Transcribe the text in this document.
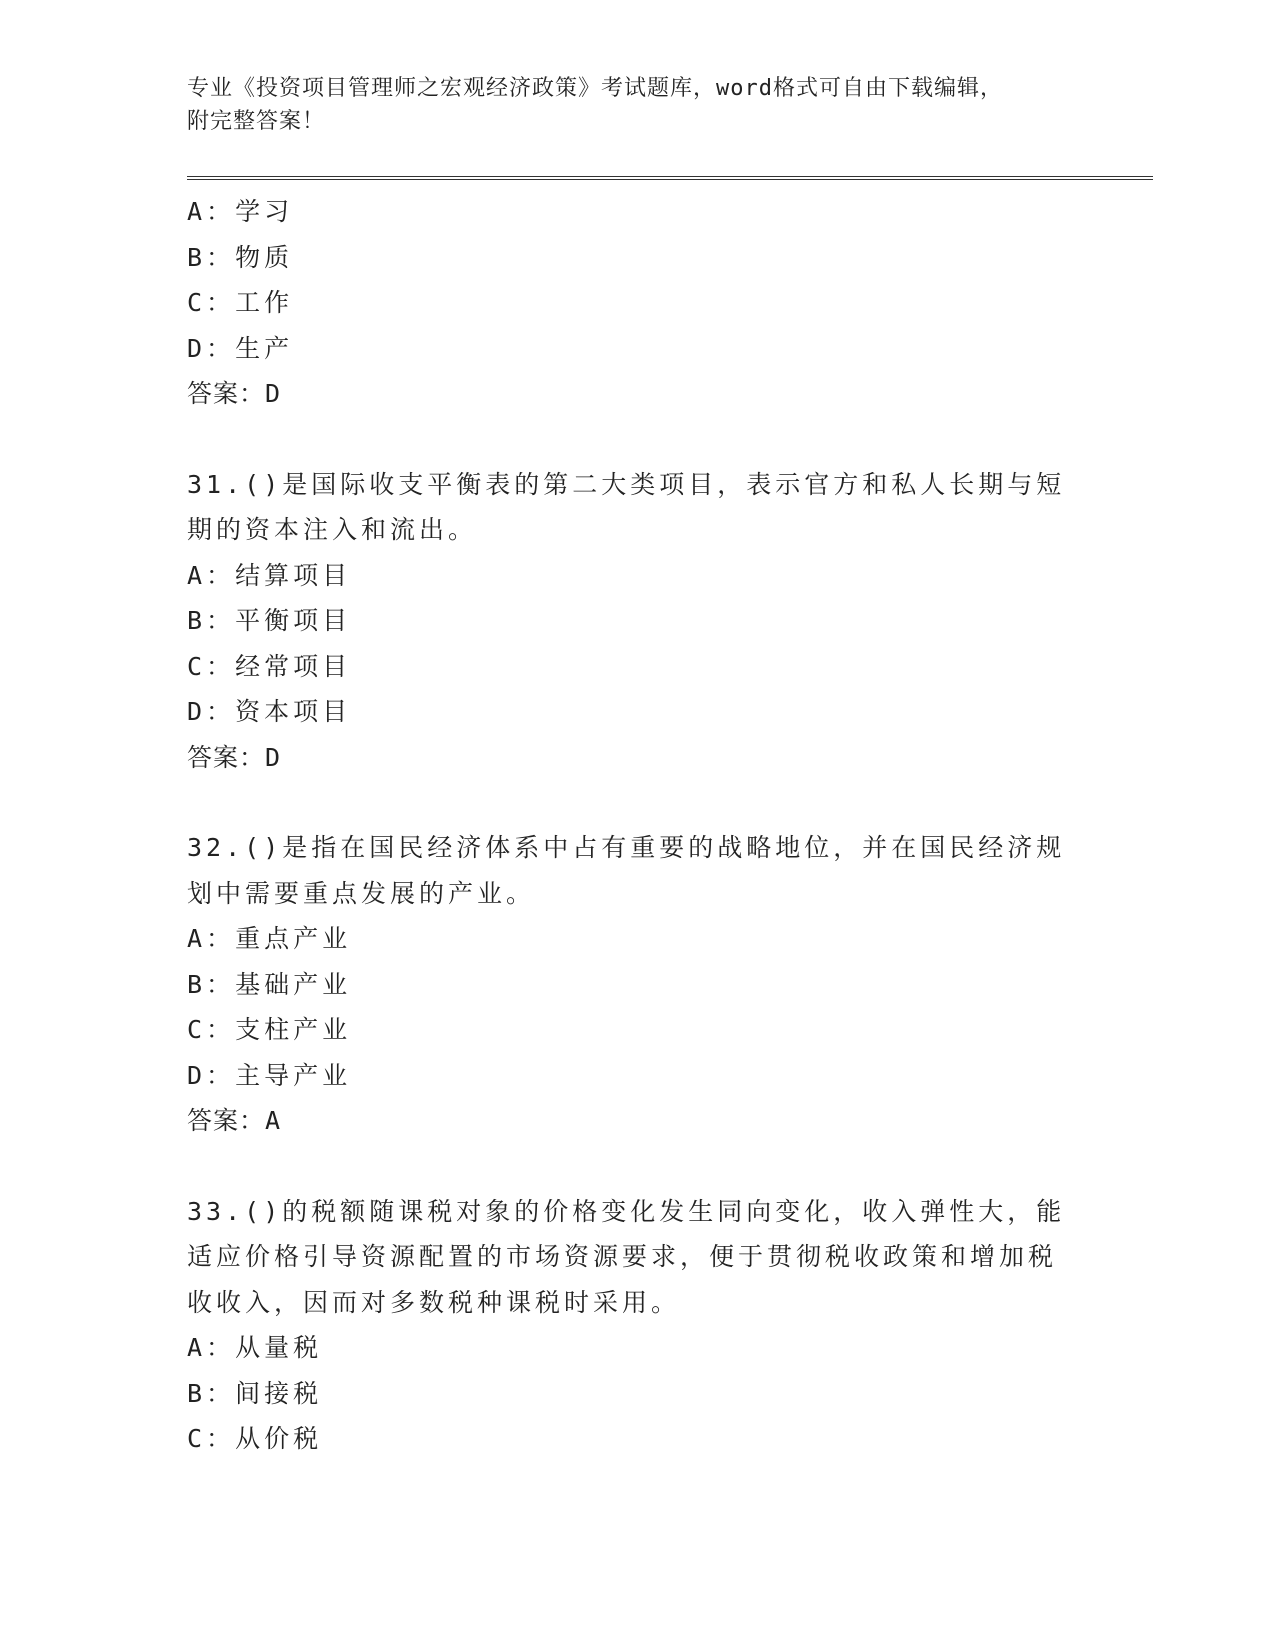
专业《投资项目管理师之宏观经济政策》考试题库，word格式可自由下载编辑，
附完整答案！
A：学习
B：物质
C：工作
D：生产
答案：D
31.()是国际收支平衡表的第二大类项目，表示官方和私人长期与短期的资本注入和流出。
A：结算项目
B：平衡项目
C：经常项目
D：资本项目
答案：D
32.()是指在国民经济体系中占有重要的战略地位，并在国民经济规划中需要重点发展的产业。
A：重点产业
B：基础产业
C：支柱产业
D：主导产业
答案：A
33.()的税额随课税对象的价格变化发生同向变化，收入弹性大，能适应价格引导资源配置的市场资源要求，便于贯彻税收政策和增加税收收入，因而对多数税种课税时采用。
A：从量税
B：间接税
C：从价税
